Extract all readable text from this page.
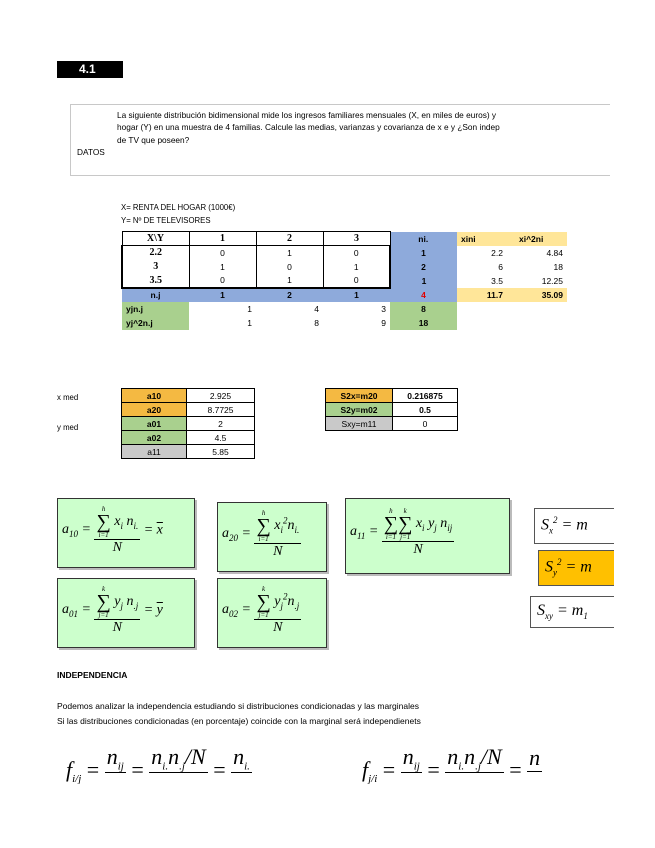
4.1
La siguiente distribución bidimensional mide los ingresos familiares mensuales (X, en miles de euros) y
hogar (Y) en una muestra de 4 familias. Calcule las medias, varianzas y covarianza de x e y ¿Son indep
de TV que poseen?
DATOS
X= RENTA DEL HOGAR (1000€)
Y= Nº DE TELEVISORES
X\Y	1	2	3	ni.	xini	xi^2ni
2.2	0	1	0	1	2.2	4.84
3	1	0	1	2	6	18
3.5	0	1	0	1	3.5	12.25
n.j	1	2	1	4	11.7	35.09
yjn.j	1	4	3	8		
yj^2n.j	1	8	9	18		
x med
y med
a10	2.925
a20	8.7725
a01	2
a02	4.5
a11	5.85
S2x=m20	0.216875
S2y=m02	0.5
Sxy=m11	0
$a_{10} = h$
∑
i=1
$x_i$ $n_{i.}$
$N = \overline{x}$	$a_{20} = h$
∑
i=1
$x_i^2n_{i.}$
N	$a_{11} = h$
∑
i=1
k
∑
j=1
$x_i$ $y_j$ $n_{ij}$
N
$a_{01} = k$
∑
j=1
$y_j$ $n_{.j}$
$N = \overline{y}$	$a_{02} = k$
∑
j=1
$y_j^2n_{.j}$
N
$S_x^2 = m$
$S_y^2 = m$
$S_{xy} = m_1$
INDEPENDENCIA
Podemos analizar la independencia estudiando si distribuciones condicionadas y las marginales
Si las distribuciones condicionadas (en porcentaje) coincide con la marginal será independienets
$f_{i/j}$ =
$n_{ij}$
=
$n_{i.}n_{.j}/N$

=
$n_{i.}$
	$f_{j/i}$ =
$n_{ij}$
=
$n_{i.}n_{.j}/N$

= n
